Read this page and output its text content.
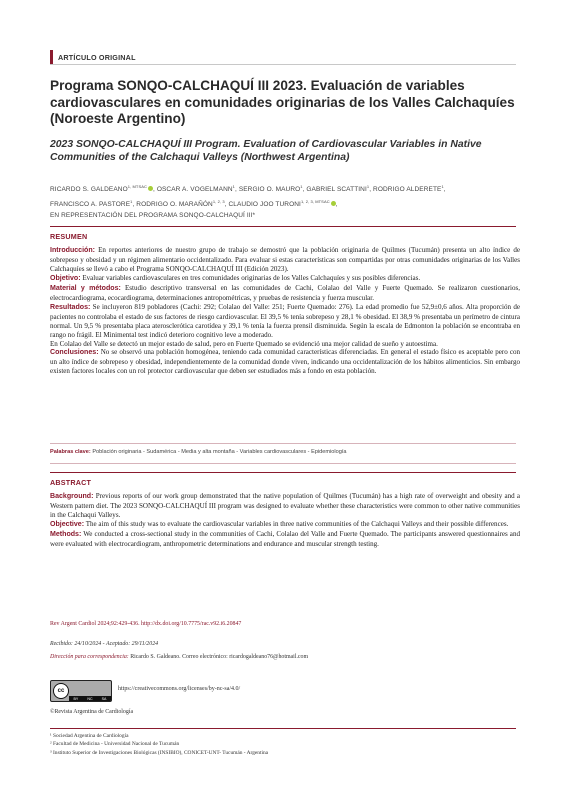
ARTÍCULO ORIGINAL
Programa SONQO-CALCHAQUÍ III 2023. Evaluación de variables cardiovasculares en comunidades originarias de los Valles Calchaquíes (Noroeste Argentino)
2023 SONQO-CALCHAQUÍ III Program. Evaluation of Cardiovascular Variables in Native Communities of the Calchaqui Valleys (Northwest Argentina)
RICARDO S. $GALDEANO^{1, MTSAC}$ , OSCAR A. VOGELMANN$^1$, SERGIO O. MAURO$^1$, GABRIEL SCATTINI$^1$, RODRIGO ALDERETE$^1$,
FRANCISCO A. PASTORE$^1$, RODRIGO O. MARAÑÓN$^{1, 2, 3}$, CLAUDIO JOO $TURONI^{1, 2, 3, MTSAC}$ ,
EN REPRESENTACIÓN DEL PROGRAMA SONQO-CALCHAQUÍ III*
RESUMEN

Introducción: En reportes anteriores de nuestro grupo de trabajo se demostró que la población originaria de Quilmes (Tucumán) presenta un alto índice de sobrepeso y obesidad y un régimen alimentario occidentalizado. Para evaluar si estas características son compartidas por otras comunidades originarias de los Valles Calchaquíes se llevó a cabo el Programa SONQO-CALCHAQUÍ III (Edición 2023).

Objetivo: Evaluar variables cardiovasculares en tres comunidades originarias de los Valles Calchaquíes y sus posibles diferencias.

Material y métodos: Estudio descriptivo transversal en las comunidades de Cachi, Colalao del Valle y Fuerte Quemado. Se realizaron cuestionarios, electrocardiograma, ecocardiograma, determinaciones antropométricas, y pruebas de resistencia y fuerza muscular.

Resultados: Se incluyeron 819 pobladores (Cachi: 292; Colalao del Valle: 251; Fuerte Quemado: 276). La edad promedio fue 52,9±0,6 años. Alta proporción de pacientes no controlaba el estado de sus factores de riesgo cardiovascular. El 39,5 % tenía sobrepeso y 28,1 % obesidad. El 38,9 % presentaba un perímetro de cintura normal. Un 9,5 % presentaba placa aterosclerótica carotídea y 39,1 % tenía la fuerza prensil disminuida. Según la escala de Edmonton la población se encontraba en rango no frágil. El Minimental test indicó deterioro cognitivo leve a moderado.

En Colalao del Valle se detectó un mejor estado de salud, pero en Fuerte Quemado se evidenció una mejor calidad de sueño y autoestima.

Conclusiones: No se observó una población homogénea, teniendo cada comunidad características diferenciadas. En general el estado físico es aceptable pero con un alto índice de sobrepeso y obesidad, independientemente de la comunidad donde viven, indicando una occidentalización de los hábitos alimenticios. Sin embargo existen factores locales con un rol protector cardiovascular que deben ser estudiados más a fondo en esta población.

Palabras clave: Población originaria - Sudamérica - Media y alta montaña - Variables cardiovasculares - Epidemiología
ABSTRACT

Background: Previous reports of our work group demonstrated that the native population of Quilmes (Tucumán) has a high rate of overweight and obesity and a Western pattern diet. The 2023 SONQO-CALCHAQUÍ III program was designed to evaluate whether these characteristics were common to other native communities in the Calchaqui Valleys.

Objective: The aim of this study was to evaluate the cardiovascular variables in three native communities of the Calchaqui Valleys and their possible differences.

Methods: We conducted a cross-sectional study in the communities of Cachi, Colalao del Valle and Fuerte Quemado. The participants answered questionnaires and were evaluated with electrocardiogram, anthropometric determinations and endurance and muscular strength testing.

Rev Argent Cardiol 2024;92:429-436. http://dx.doi.org/10.7775/rac.v92.i6.20847
Recibido: 24/10/2024 - Aceptado: 29/11/2024
Dirección para correspondencia: Ricardo S. Galdeano. Correo electrónico: ricardogaldeano76@hotmail.com
cc
BY	NC	SA
https://creativecommons.org/licenses/by-nc-sa/4.0/
©Revista Argentina de Cardiología
¹ Sociedad Argentina de Cardiología
² Facultad de Medicina - Universidad Nacional de Tucumán
³ Instituto Superior de Investigaciones Biológicas (INSIBIO), CONICET-UNT- Tucumán - Argentina
